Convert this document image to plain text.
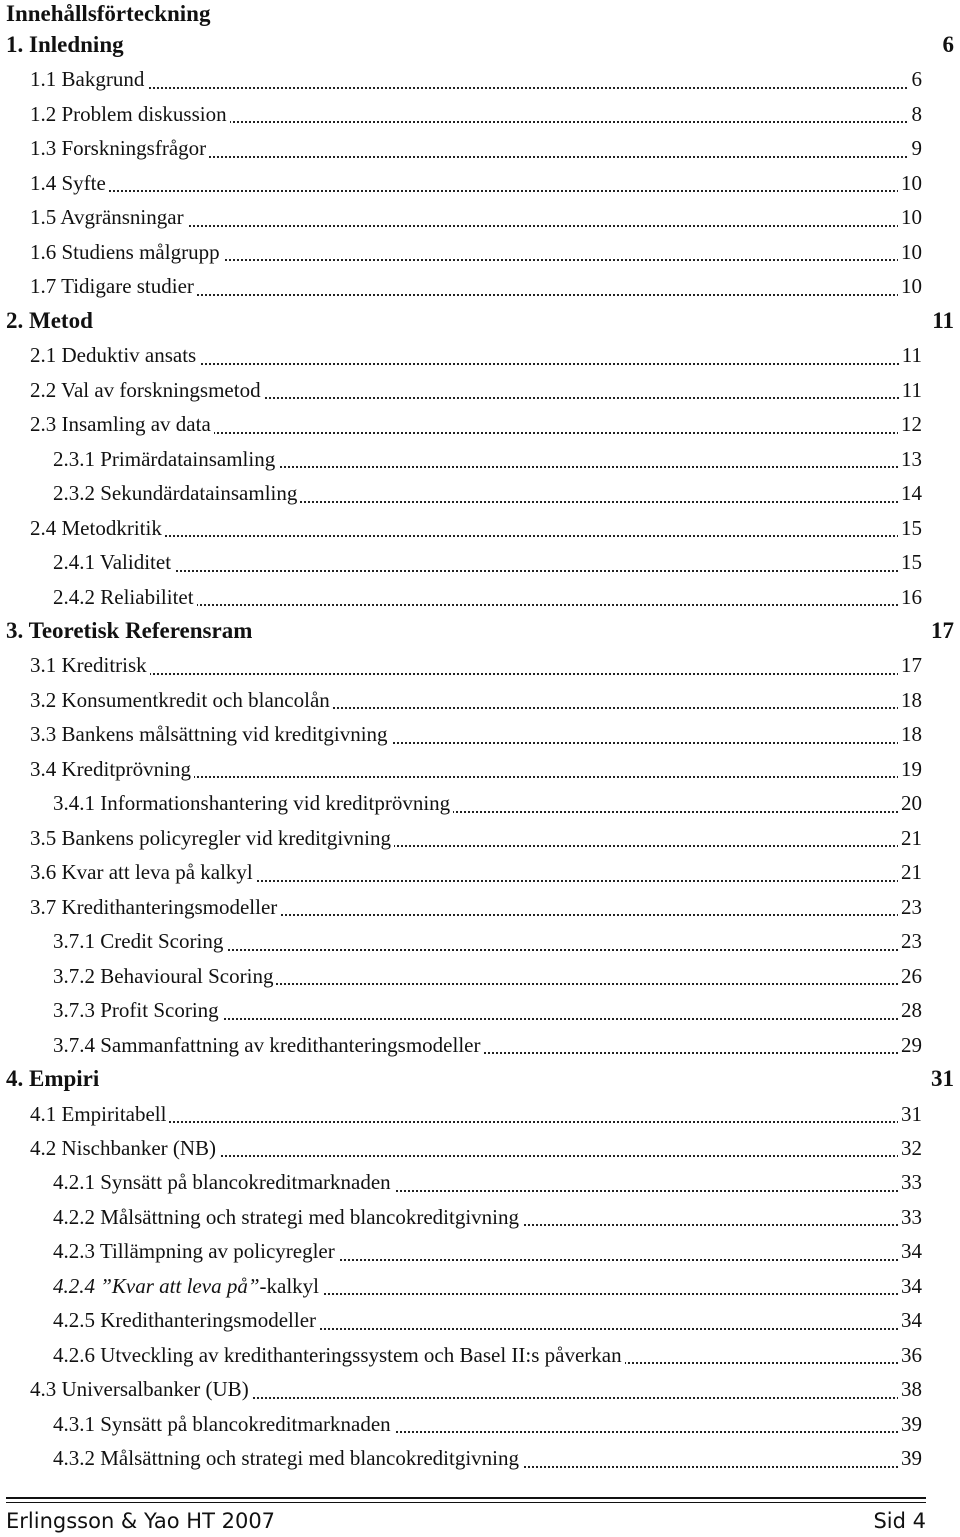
Innehållsförteckning
1. Inledning	6
1.1 Bakgrund	6
1.2 Problem diskussion	8
1.3 Forskningsfrågor	9
1.4 Syfte	10
1.5 Avgränsningar	10
1.6 Studiens målgrupp	10
1.7 Tidigare studier	10
2. Metod	11
2.1 Deduktiv ansats	11
2.2 Val av forskningsmetod	11
2.3 Insamling av data	12
2.3.1 Primärdatainsamling	13
2.3.2 Sekundärdatainsamling	14
2.4 Metodkritik	15
2.4.1 Validitet	15
2.4.2 Reliabilitet	16
3. Teoretisk Referensram	17
3.1 Kreditrisk	17
3.2 Konsumentkredit och blancolån	18
3.3 Bankens målsättning vid kreditgivning	18
3.4 Kreditprövning	19
3.4.1 Informationshantering vid kreditprövning	20
3.5 Bankens policyregler vid kreditgivning	21
3.6 Kvar att leva på kalkyl	21
3.7 Kredithanteringsmodeller	23
3.7.1 Credit Scoring	23
3.7.2 Behavioural Scoring	26
3.7.3 Profit Scoring	28
3.7.4 Sammanfattning av kredithanteringsmodeller	29
4. Empiri	31
4.1 Empiritabell	31
4.2 Nischbanker (NB)	32
4.2.1 Synsätt på blancokreditmarknaden	33
4.2.2 Målsättning och strategi med blancokreditgivning	33
4.2.3 Tillämpning av policyregler	34
4.2.4 ”Kvar att leva på”-kalkyl	34
4.2.5 Kredithanteringsmodeller	34
4.2.6 Utveckling av kredithanteringssystem och Basel II:s påverkan	36
4.3 Universalbanker (UB)	38
4.3.1 Synsätt på blancokreditmarknaden	39
4.3.2 Målsättning och strategi med blancokreditgivning	39
Erlingsson & Yao HT 2007	Sid 4
